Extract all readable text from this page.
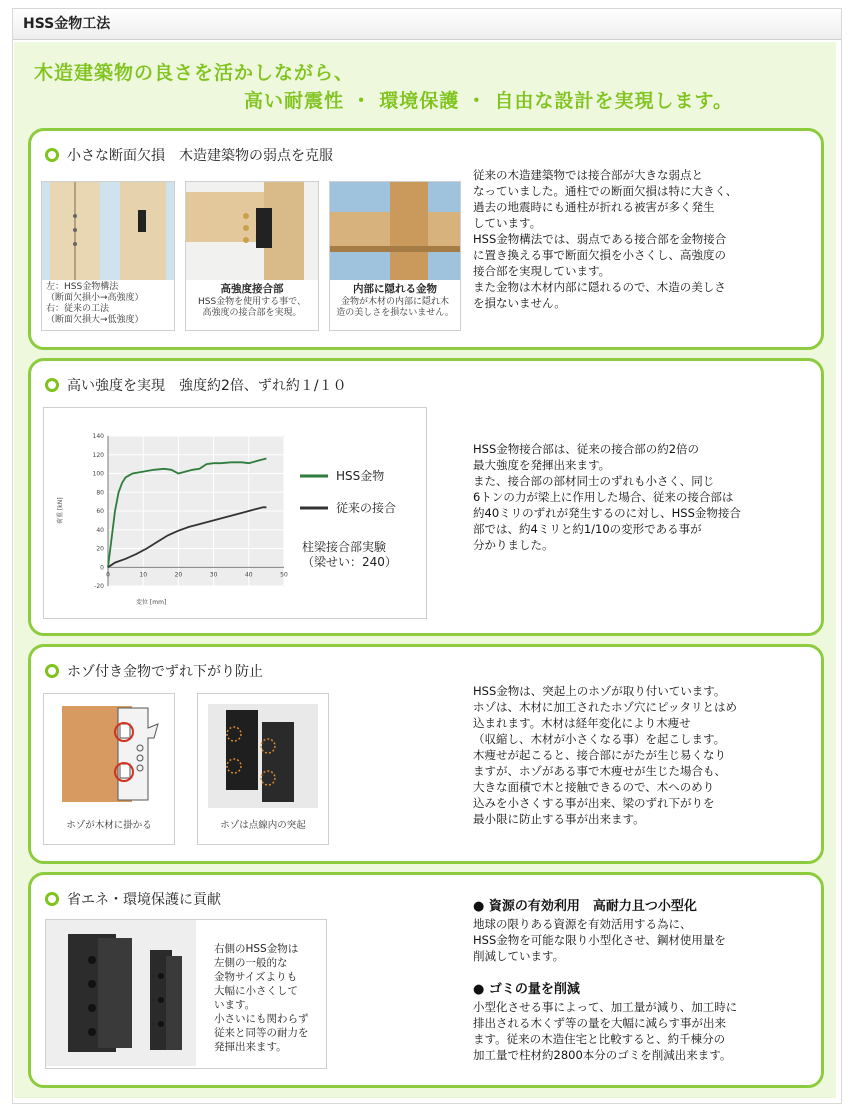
HSS金物工法
木造建築物の良さを活かしながら、
高い耐震性 ・ 環境保護 ・ 自由な設計を実現します。
小さな断面欠損　木造建築物の弱点を克服
左：HSS金物構法
（断面欠損小→高強度）
右：従来の工法
（断面欠損大→低強度）
高強度接合部
HSS金物を使用する事で、
高強度の接合部を実現。
内部に隠れる金物
金物が木材の内部に隠れ木
造の美しさを損ないません。
従来の木造建築物では接合部が大きな弱点と
なっていました。通柱での断面欠損は特に大きく、
過去の地震時にも通柱が折れる被害が多く発生
しています。
HSS金物構法では、弱点である接合部を金物接合
に置き換える事で断面欠損を小さくし、高強度の
接合部を実現しています。
また金物は木材内部に隠れるので、木造の美しさ
を損ないません。
高い強度を実現　強度約2倍、ずれ約１/１０
-20
0
20
40
60
80
100
120
140
0	10	20	30	40	50
変位 [mm]
荷重 [kN]
HSS金物
従来の接合
柱梁接合部実験
（梁せい：240）
HSS金物接合部は、従来の接合部の約2倍の
最大強度を発揮出来ます。
また、接合部の部材同士のずれも小さく、同じ
6トンの力が梁上に作用した場合、従来の接合部は
約40ミリのずれが発生するのに対し、HSS金物接合
部では、約4ミリと約1/10の変形である事が
分かりました。
ホゾ付き金物でずれ下がり防止
ホゾが木材に掛かる	ホゾは点線内の突起
HSS金物は、突起上のホゾが取り付いています。
ホゾは、木材に加工されたホゾ穴にピッタリとはめ
込まれます。木材は経年変化により木痩せ
（収縮し、木材が小さくなる事）を起こします。
木痩せが起こると、接合部にがたが生じ易くなり
ますが、ホゾがある事で木痩せが生じた場合も、
大きな面積で木と接触できるので、木へのめり
込みを小さくする事が出来、梁のずれ下がりを
最小限に防止する事が出来ます。
省エネ・環境保護に貢献
右側のHSS金物は
左側の一般的な
金物サイズよりも
大幅に小さくして
います。
小さいにも関わらず
従来と同等の耐力を
発揮出来ます。
● 資源の有効利用　高耐力且つ小型化
地球の限りある資源を有効活用する為に、
HSS金物を可能な限り小型化させ、鋼材使用量を
削減しています。
● ゴミの量を削減
小型化させる事によって、加工量が減り、加工時に
排出される木くず等の量を大幅に減らす事が出来
ます。従来の木造住宅と比較すると、約千棟分の
加工量で柱材約2800本分のゴミを削減出来ます。
